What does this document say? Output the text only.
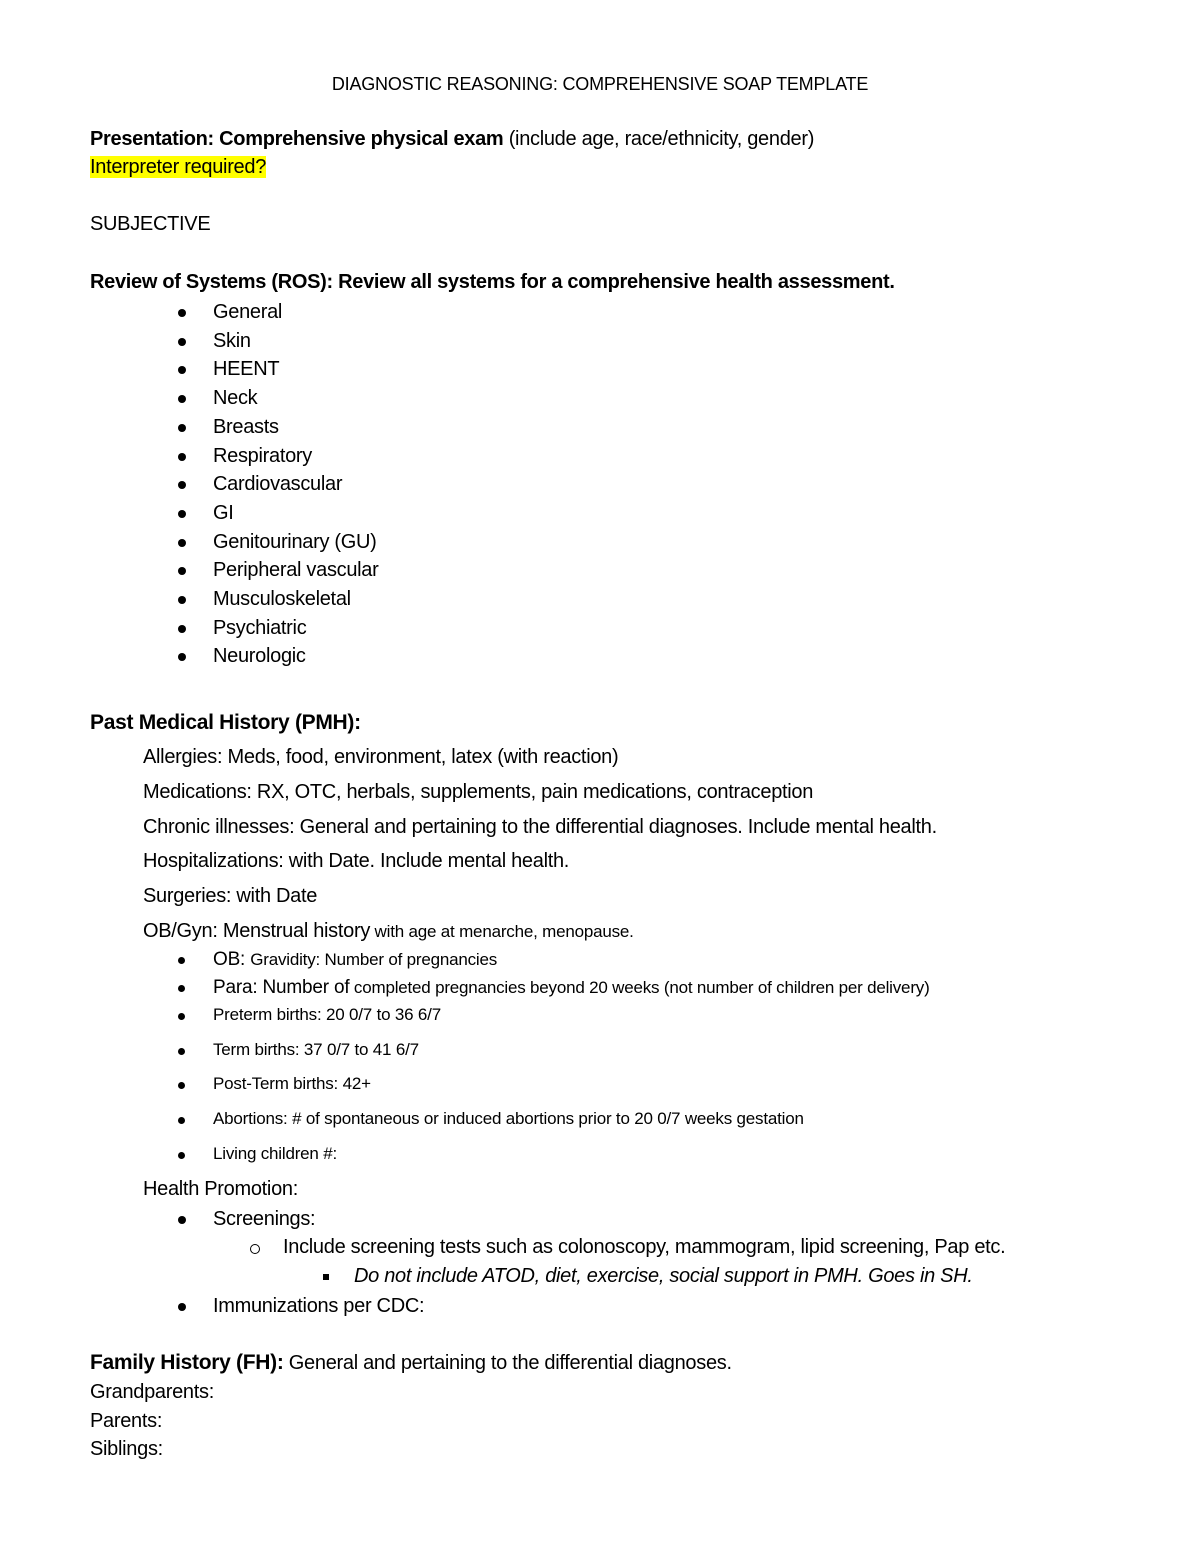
DIAGNOSTIC REASONING: COMPREHENSIVE SOAP TEMPLATE
Presentation: Comprehensive physical exam (include age, race/ethnicity, gender)
Interpreter required?
SUBJECTIVE
Review of Systems (ROS): Review all systems for a comprehensive health assessment.
General
Skin
HEENT
Neck
Breasts
Respiratory
Cardiovascular
GI
Genitourinary (GU)
Peripheral vascular
Musculoskeletal
Psychiatric
Neurologic
Past Medical History (PMH):
Allergies: Meds, food, environment, latex (with reaction)
Medications: RX, OTC, herbals, supplements, pain medications, contraception
Chronic illnesses: General and pertaining to the differential diagnoses. Include mental health.
Hospitalizations: with Date. Include mental health.
Surgeries: with Date
OB/Gyn: Menstrual history with age at menarche, menopause.
OB: Gravidity: Number of pregnancies
Para: Number of completed pregnancies beyond 20 weeks (not number of children per delivery)
Preterm births: 20 0/7 to 36 6/7
Term births: 37 0/7 to 41 6/7
Post-Term births: 42+
Abortions: # of spontaneous or induced abortions prior to 20 0/7 weeks gestation
Living children #:
Health Promotion:
Screenings:
Include screening tests such as colonoscopy, mammogram, lipid screening, Pap etc.
Do not include ATOD, diet, exercise, social support in PMH. Goes in SH.
Immunizations per CDC:
Family History (FH): General and pertaining to the differential diagnoses.
Grandparents:
Parents:
Siblings:
